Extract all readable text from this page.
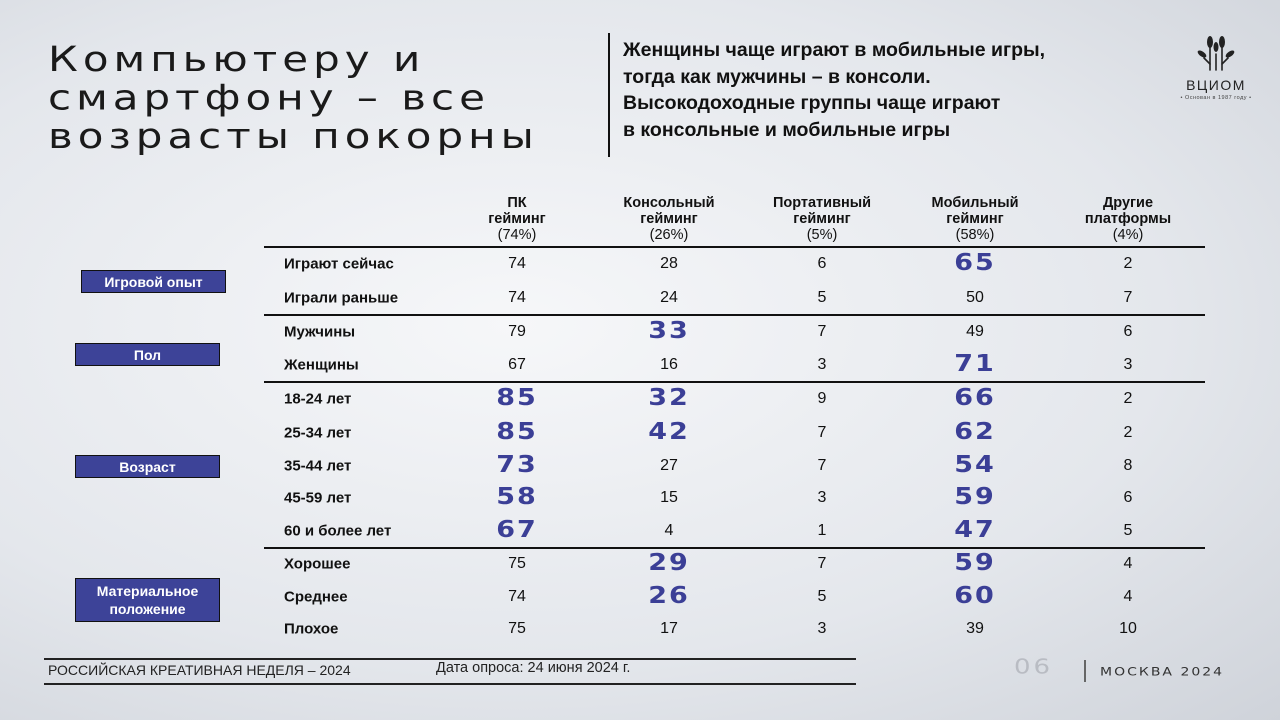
Компьютеру и смартфону – все возрасты покорны
Женщины чаще играют в мобильные игры,
тогда как мужчины – в консоли.
Высокодоходные группы чаще играют
в консольные и мобильные игры
ВЦИОМ
• Основан в 1987 году •
ПК
гейминг
(74%)
Консольный
гейминг
(26%)
Портативный
гейминг
(5%)
Мобильный
гейминг
(58%)
Другие
платформы
(4%)
Игровой опыт
Играют сейчас	74	28	6	65	2
Играли раньше	74	24	5	50	7
Пол
Мужчины	79	33	7	49	6
Женщины	67	16	3	71	3
Возраст
18-24 лет	85	32	9	66	2
25-34 лет	85	42	7	62	2
35-44 лет	73	27	7	54	8
45-59 лет	58	15	3	59	6
60 и более лет	67	4	1	47	5
Материальное положение
Хорошее	75	29	7	59	4
Среднее	74	26	5	60	4
Плохое	75	17	3	39	10
РОССИЙСКАЯ КРЕАТИВНАЯ НЕДЕЛЯ – 2024	Дата опроса: 24 июня 2024 г.	06	МОСКВА 2024
